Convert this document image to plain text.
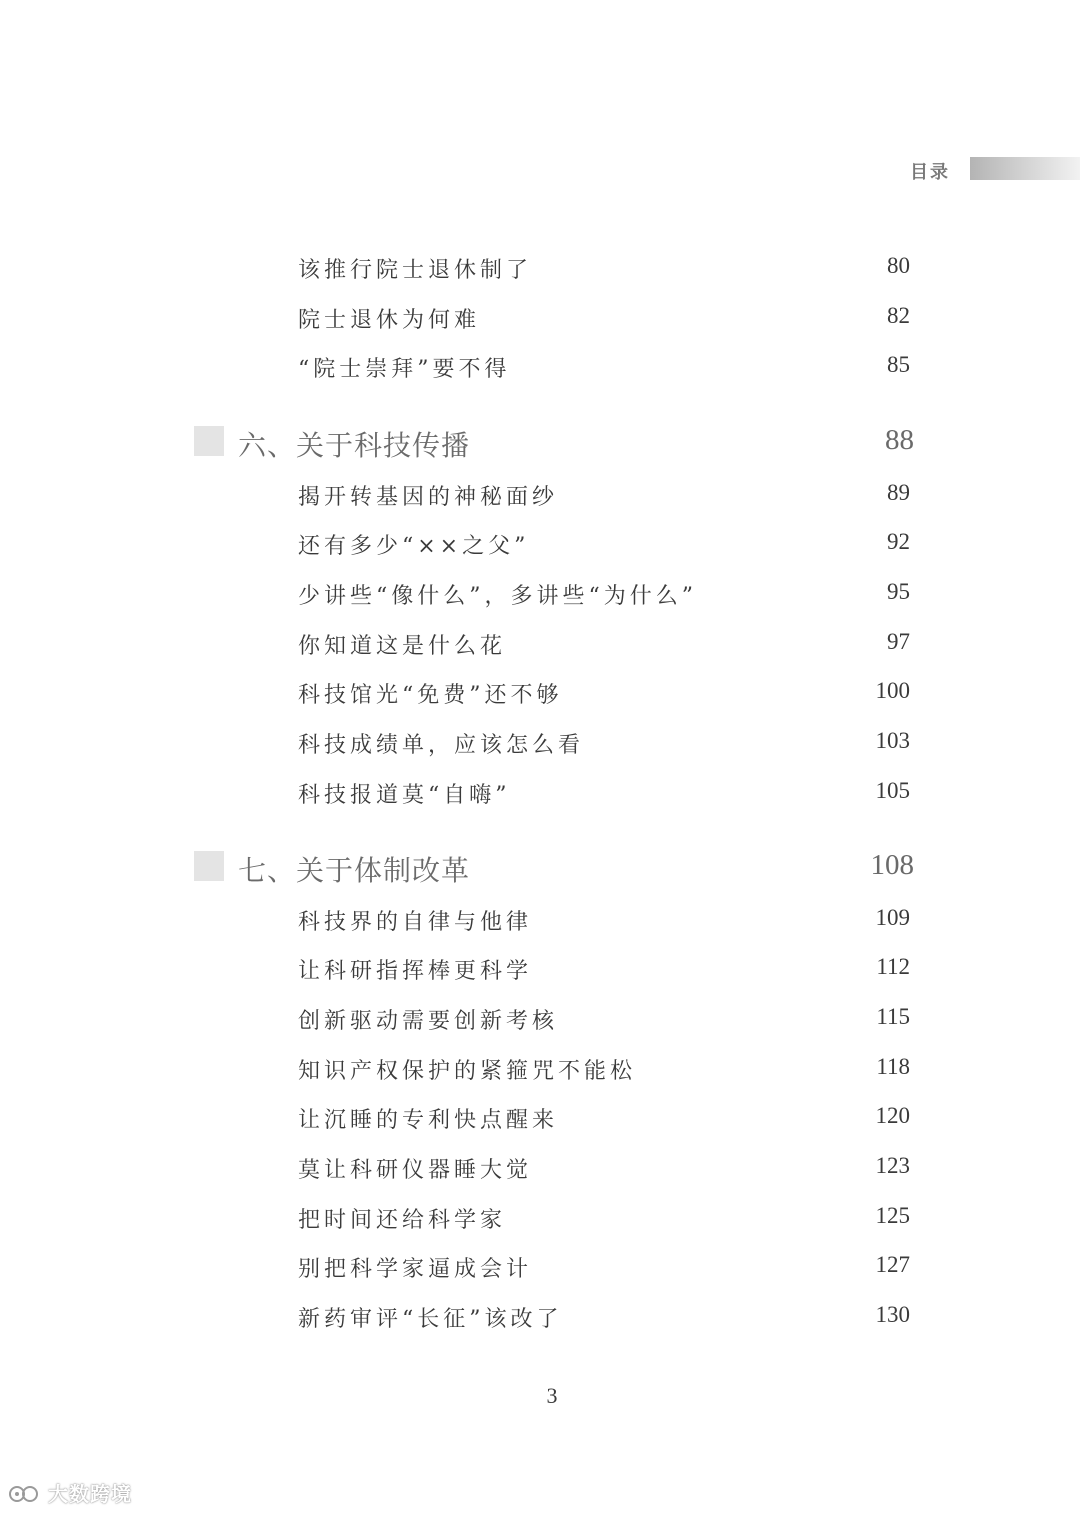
目录
该推行院士退休制了	80
院士退休为何难	82
“院士崇拜”要不得	85
六、关于科技传播	88
揭开转基因的神秘面纱	89
还有多少“××之父”	92
少讲些“像什么”，多讲些“为什么”	95
你知道这是什么花	97
科技馆光“免费”还不够	100
科技成绩单，应该怎么看	103
科技报道莫“自嗨”	105
七、关于体制改革	108
科技界的自律与他律	109
让科研指挥棒更科学	112
创新驱动需要创新考核	115
知识产权保护的紧箍咒不能松	118
让沉睡的专利快点醒来	120
莫让科研仪器睡大觉	123
把时间还给科学家	125
别把科学家逼成会计	127
新药审评“长征”该改了	130
3
大数跨境
